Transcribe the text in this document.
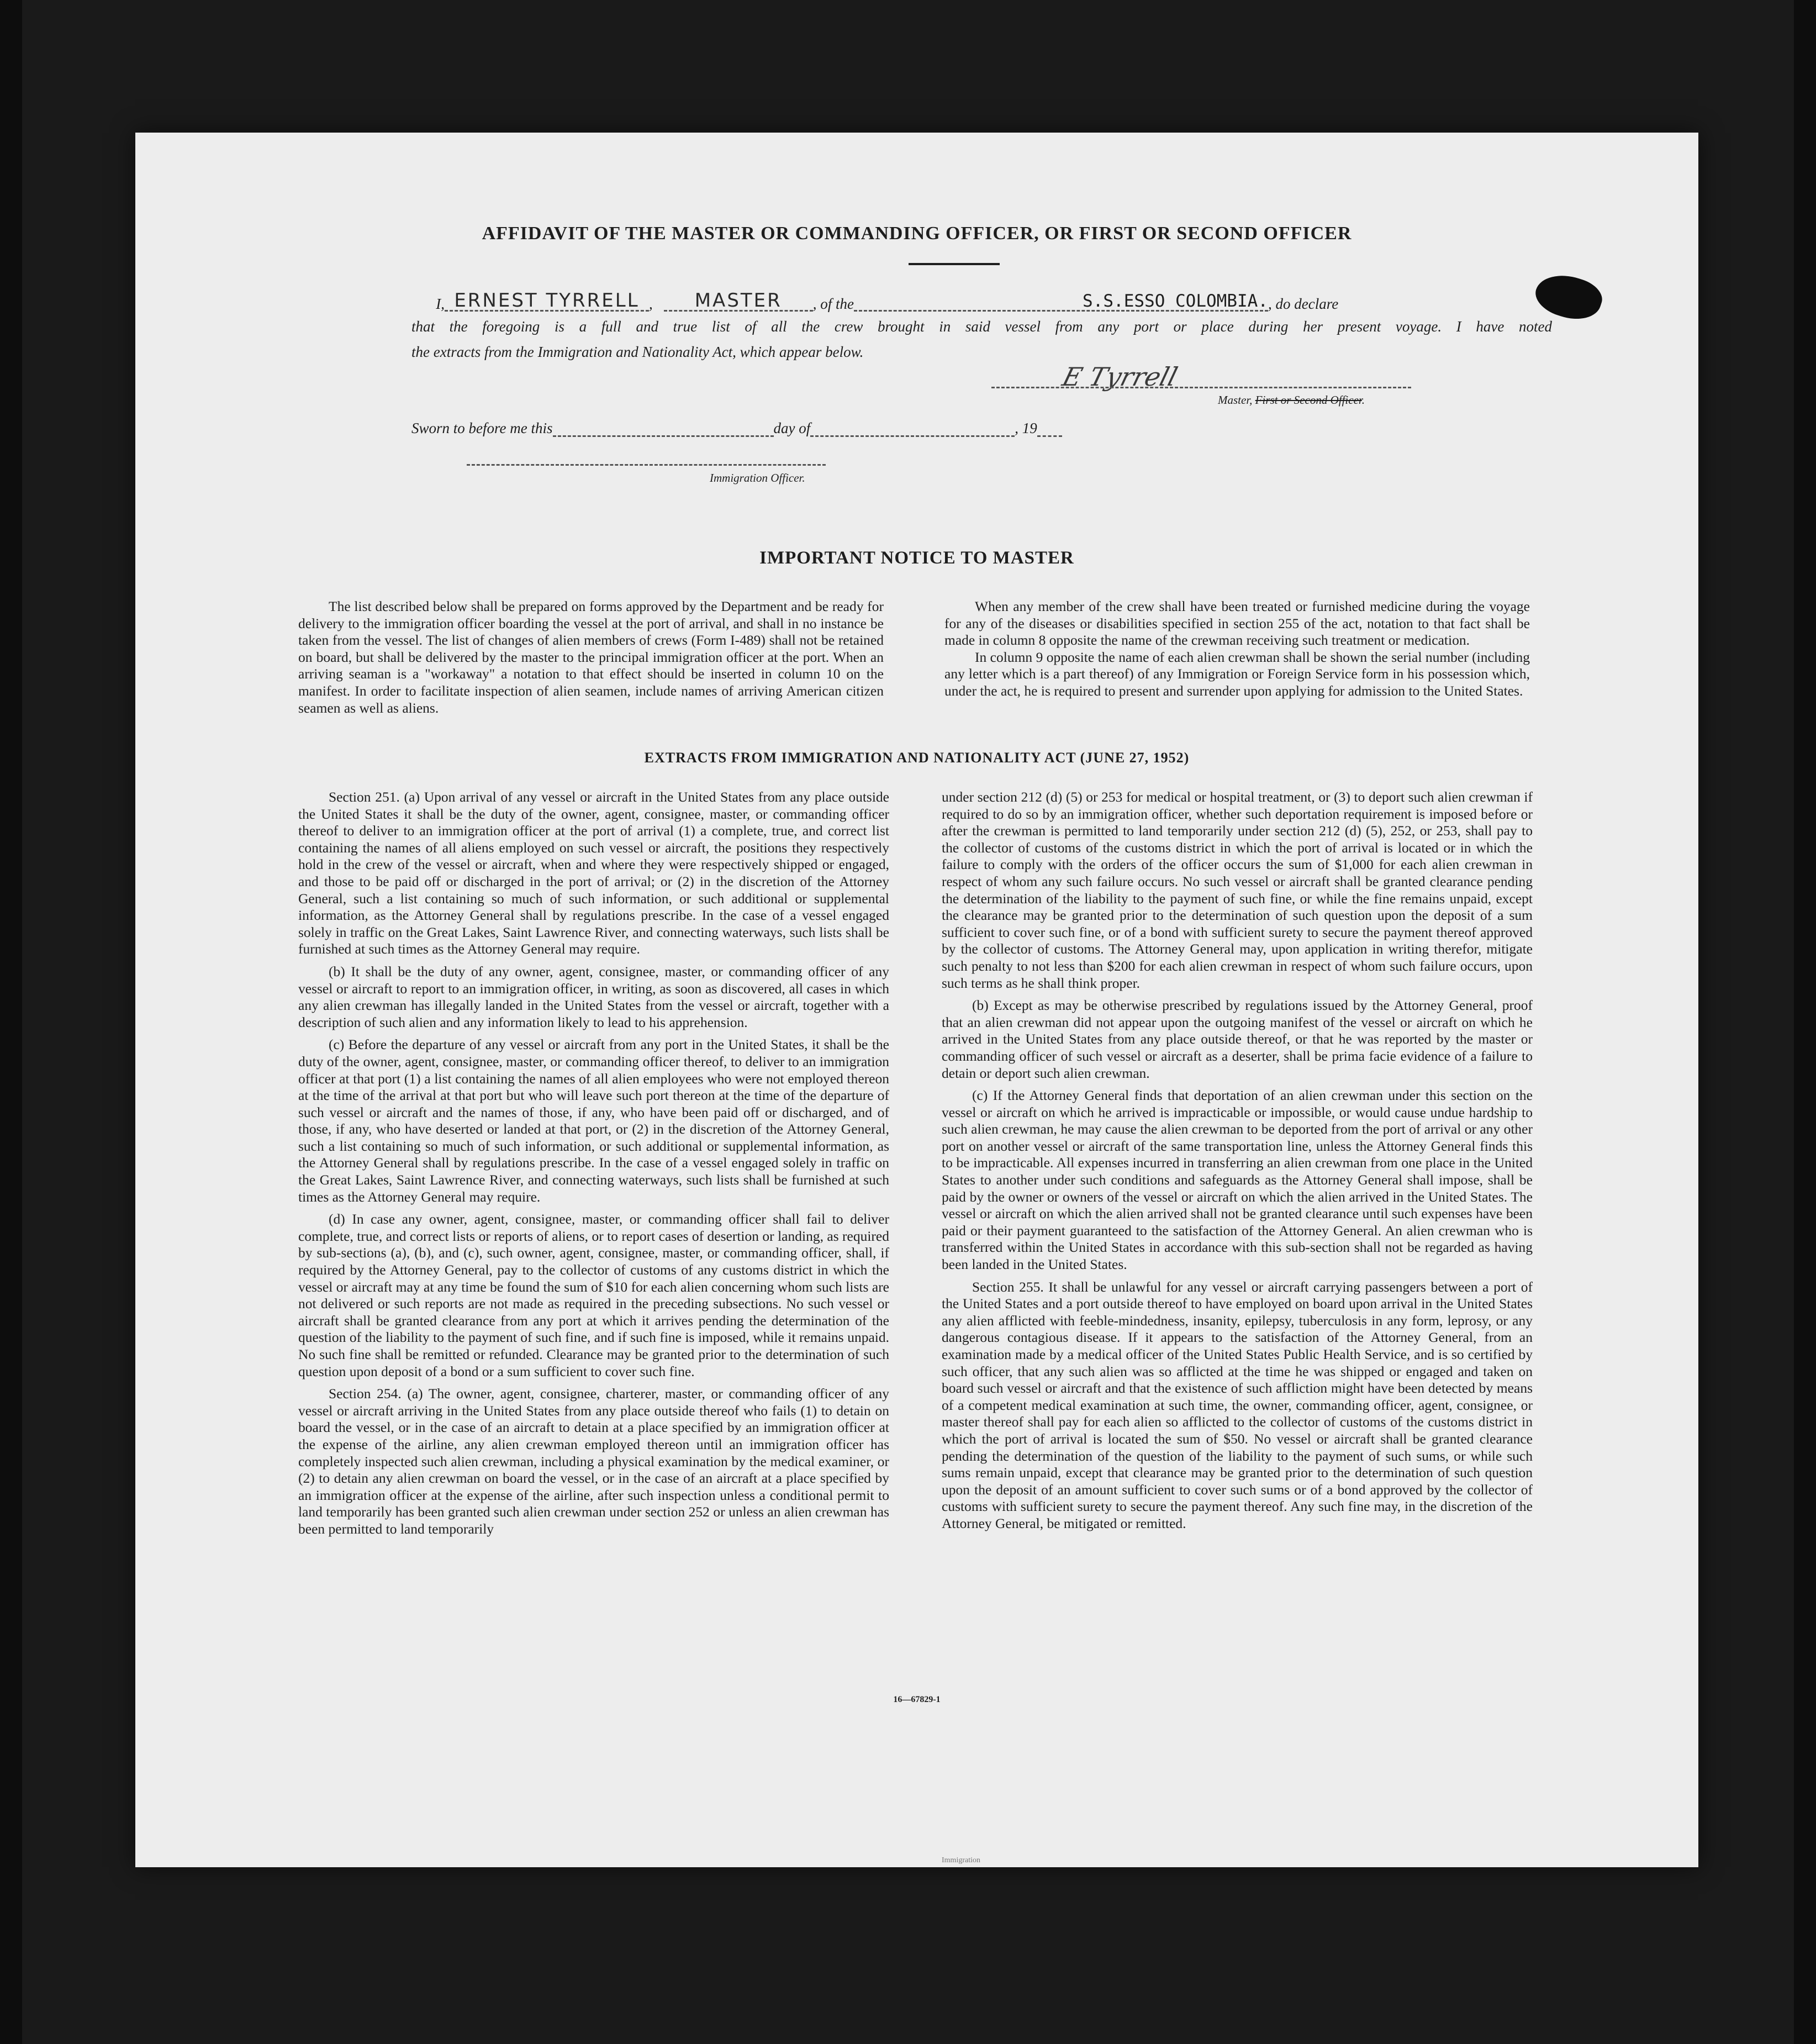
AFFIDAVIT OF THE MASTER OR COMMANDING OFFICER, OR FIRST OR SECOND OFFICER
I, ERNEST TYRRELL , MASTER , of the	S.S.ESSO COLOMBIA., do declare
that the foregoing is a full and true list of all the crew brought in said vessel from any port or place during her present voyage. I have noted
the extracts from the Immigration and Nationality Act, which appear below.
E Tyrrell
Master, First or Second Officer.
Sworn to before me this	day of	, 19
Immigration Officer.
IMPORTANT NOTICE TO MASTER

The list described below shall be prepared on forms approved by the Department and be ready for delivery to the immigration officer boarding the vessel at the port of arrival, and shall in no instance be taken from the vessel. The list of changes of alien members of crews (Form I-489) shall not be retained on board, but shall be delivered by the master to the principal immigration officer at the port. When an arriving seaman is a "workaway" a notation to that effect should be inserted in column 10 on the manifest. In order to facilitate inspection of alien seamen, include names of arriving American citizen seamen as well as aliens.

When any member of the crew shall have been treated or furnished medicine during the voyage for any of the diseases or disabilities specified in section 255 of the act, notation to that fact shall be made in column 8 opposite the name of the crewman receiving such treatment or medication.

In column 9 opposite the name of each alien crewman shall be shown the serial number (including any letter which is a part thereof) of any Immigration or Foreign Service form in his possession which, under the act, he is required to present and surrender upon applying for admission to the United States.

EXTRACTS FROM IMMIGRATION AND NATIONALITY ACT (JUNE 27, 1952)

Section 251. (a) Upon arrival of any vessel or aircraft in the United States from any place outside the United States it shall be the duty of the owner, agent, consignee, master, or commanding officer thereof to deliver to an immigration officer at the port of arrival (1) a complete, true, and correct list containing the names of all aliens employed on such vessel or aircraft, the positions they respectively hold in the crew of the vessel or aircraft, when and where they were respectively shipped or engaged, and those to be paid off or discharged in the port of arrival; or (2) in the discretion of the Attorney General, such a list containing so much of such information, or such additional or supplemental information, as the Attorney General shall by regulations prescribe. In the case of a vessel engaged solely in traffic on the Great Lakes, Saint Lawrence River, and connecting waterways, such lists shall be furnished at such times as the Attorney General may require.

(b) It shall be the duty of any owner, agent, consignee, master, or commanding officer of any vessel or aircraft to report to an immigration officer, in writing, as soon as discovered, all cases in which any alien crewman has illegally landed in the United States from the vessel or aircraft, together with a description of such alien and any information likely to lead to his apprehension.

(c) Before the departure of any vessel or aircraft from any port in the United States, it shall be the duty of the owner, agent, consignee, master, or commanding officer thereof, to deliver to an immigration officer at that port (1) a list containing the names of all alien employees who were not employed thereon at the time of the arrival at that port but who will leave such port thereon at the time of the departure of such vessel or aircraft and the names of those, if any, who have been paid off or discharged, and of those, if any, who have deserted or landed at that port, or (2) in the discretion of the Attorney General, such a list containing so much of such information, or such additional or supplemental information, as the Attorney General shall by regulations prescribe. In the case of a vessel engaged solely in traffic on the Great Lakes, Saint Lawrence River, and connecting waterways, such lists shall be furnished at such times as the Attorney General may require.

(d) In case any owner, agent, consignee, master, or commanding officer shall fail to deliver complete, true, and correct lists or reports of aliens, or to report cases of desertion or landing, as required by sub-sections (a), (b), and (c), such owner, agent, consignee, master, or commanding officer, shall, if required by the Attorney General, pay to the collector of customs of any customs district in which the vessel or aircraft may at any time be found the sum of $10 for each alien concerning whom such lists are not delivered or such reports are not made as required in the preceding subsections. No such vessel or aircraft shall be granted clearance from any port at which it arrives pending the determination of the question of the liability to the payment of such fine, and if such fine is imposed, while it remains unpaid. No such fine shall be remitted or refunded. Clearance may be granted prior to the determination of such question upon deposit of a bond or a sum sufficient to cover such fine.

Section 254. (a) The owner, agent, consignee, charterer, master, or commanding officer of any vessel or aircraft arriving in the United States from any place outside thereof who fails (1) to detain on board the vessel, or in the case of an aircraft to detain at a place specified by an immigration officer at the expense of the airline, any alien crewman employed thereon until an immigration officer has completely inspected such alien crewman, including a physical examination by the medical examiner, or (2) to detain any alien crewman on board the vessel, or in the case of an aircraft at a place specified by an immigration officer at the expense of the airline, after such inspection unless a conditional permit to land temporarily has been granted such alien crewman under section 252 or unless an alien crewman has been permitted to land temporarily

under section 212 (d) (5) or 253 for medical or hospital treatment, or (3) to deport such alien crewman if required to do so by an immigration officer, whether such deportation requirement is imposed before or after the crewman is permitted to land temporarily under section 212 (d) (5), 252, or 253, shall pay to the collector of customs of the customs district in which the port of arrival is located or in which the failure to comply with the orders of the officer occurs the sum of $1,000 for each alien crewman in respect of whom any such failure occurs. No such vessel or aircraft shall be granted clearance pending the determination of the liability to the payment of such fine, or while the fine remains unpaid, except the clearance may be granted prior to the determination of such question upon the deposit of a sum sufficient to cover such fine, or of a bond with sufficient surety to secure the payment thereof approved by the collector of customs. The Attorney General may, upon application in writing therefor, mitigate such penalty to not less than $200 for each alien crewman in respect of whom such failure occurs, upon such terms as he shall think proper.

(b) Except as may be otherwise prescribed by regulations issued by the Attorney General, proof that an alien crewman did not appear upon the outgoing manifest of the vessel or aircraft on which he arrived in the United States from any place outside thereof, or that he was reported by the master or commanding officer of such vessel or aircraft as a deserter, shall be prima facie evidence of a failure to detain or deport such alien crewman.

(c) If the Attorney General finds that deportation of an alien crewman under this section on the vessel or aircraft on which he arrived is impracticable or impossible, or would cause undue hardship to such alien crewman, he may cause the alien crewman to be deported from the port of arrival or any other port on another vessel or aircraft of the same transportation line, unless the Attorney General finds this to be impracticable. All expenses incurred in transferring an alien crewman from one place in the United States to another under such conditions and safeguards as the Attorney General shall impose, shall be paid by the owner or owners of the vessel or aircraft on which the alien arrived in the United States. The vessel or aircraft on which the alien arrived shall not be granted clearance until such expenses have been paid or their payment guaranteed to the satisfaction of the Attorney General. An alien crewman who is transferred within the United States in accordance with this sub-section shall not be regarded as having been landed in the United States.

Section 255. It shall be unlawful for any vessel or aircraft carrying passengers between a port of the United States and a port outside thereof to have employed on board upon arrival in the United States any alien afflicted with feeble-mindedness, insanity, epilepsy, tuberculosis in any form, leprosy, or any dangerous contagious disease. If it appears to the satisfaction of the Attorney General, from an examination made by a medical officer of the United States Public Health Service, and is so certified by such officer, that any such alien was so afflicted at the time he was shipped or engaged and taken on board such vessel or aircraft and that the existence of such affliction might have been detected by means of a competent medical examination at such time, the owner, commanding officer, agent, consignee, or master thereof shall pay for each alien so afflicted to the collector of customs of the customs district in which the port of arrival is located the sum of $50. No vessel or aircraft shall be granted clearance pending the determination of the question of the liability to the payment of such sums, or while such sums remain unpaid, except that clearance may be granted prior to the determination of such question upon the deposit of an amount sufficient to cover such sums or of a bond approved by the collector of customs with sufficient surety to secure the payment thereof. Any such fine may, in the discretion of the Attorney General, be mitigated or remitted.

16—67829-1
Immigration
